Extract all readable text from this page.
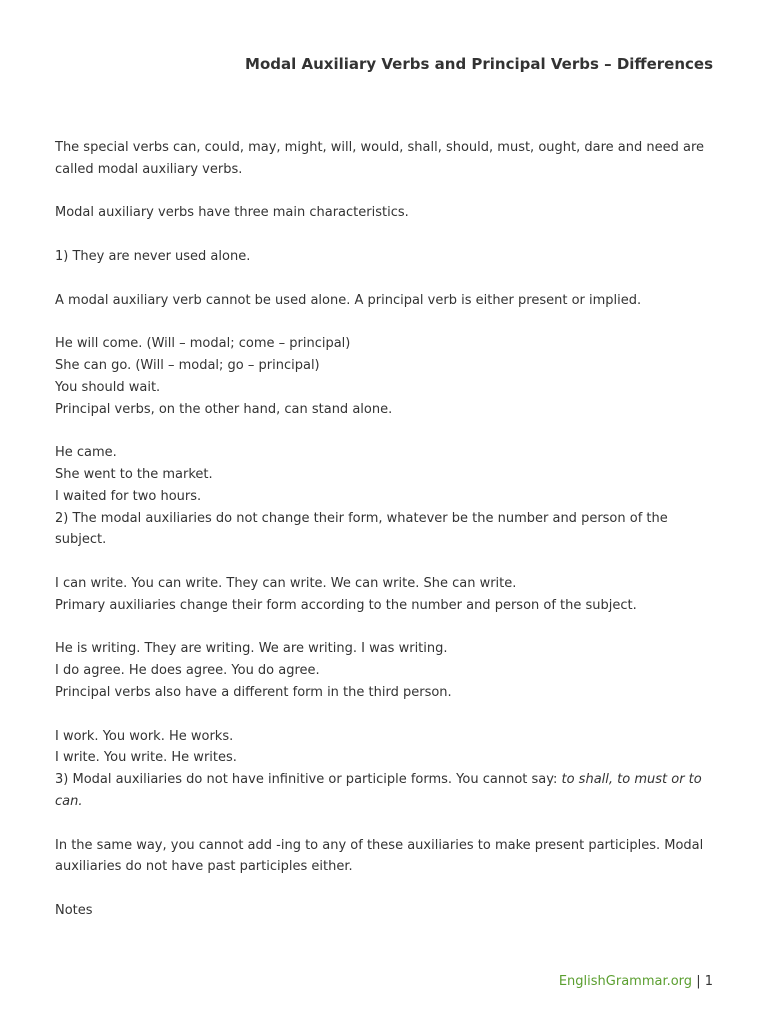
Modal Auxiliary Verbs and Principal Verbs – Differences

The special verbs can, could, may, might, will, would, shall, should, must, ought, dare and need are called modal auxiliary verbs.

Modal auxiliary verbs have three main characteristics.

1) They are never used alone.

A modal auxiliary verb cannot be used alone. A principal verb is either present or implied.

He will come. (Will – modal; come – principal)

She can go. (Will – modal; go – principal)

You should wait.

Principal verbs, on the other hand, can stand alone.

He came.

She went to the market.

I waited for two hours.

2) The modal auxiliaries do not change their form, whatever be the number and person of the subject.

I can write. You can write. They can write. We can write. She can write.

Primary auxiliaries change their form according to the number and person of the subject.

He is writing. They are writing. We are writing. I was writing.

I do agree. He does agree. You do agree.

Principal verbs also have a different form in the third person.

I work. You work. He works.

I write. You write. He writes.

3) Modal auxiliaries do not have infinitive or participle forms. You cannot say: to shall, to must or to can.

In the same way, you cannot add -ing to any of these auxiliaries to make present participles. Modal auxiliaries do not have past participles either.

Notes

EnglishGrammar.org | 1
